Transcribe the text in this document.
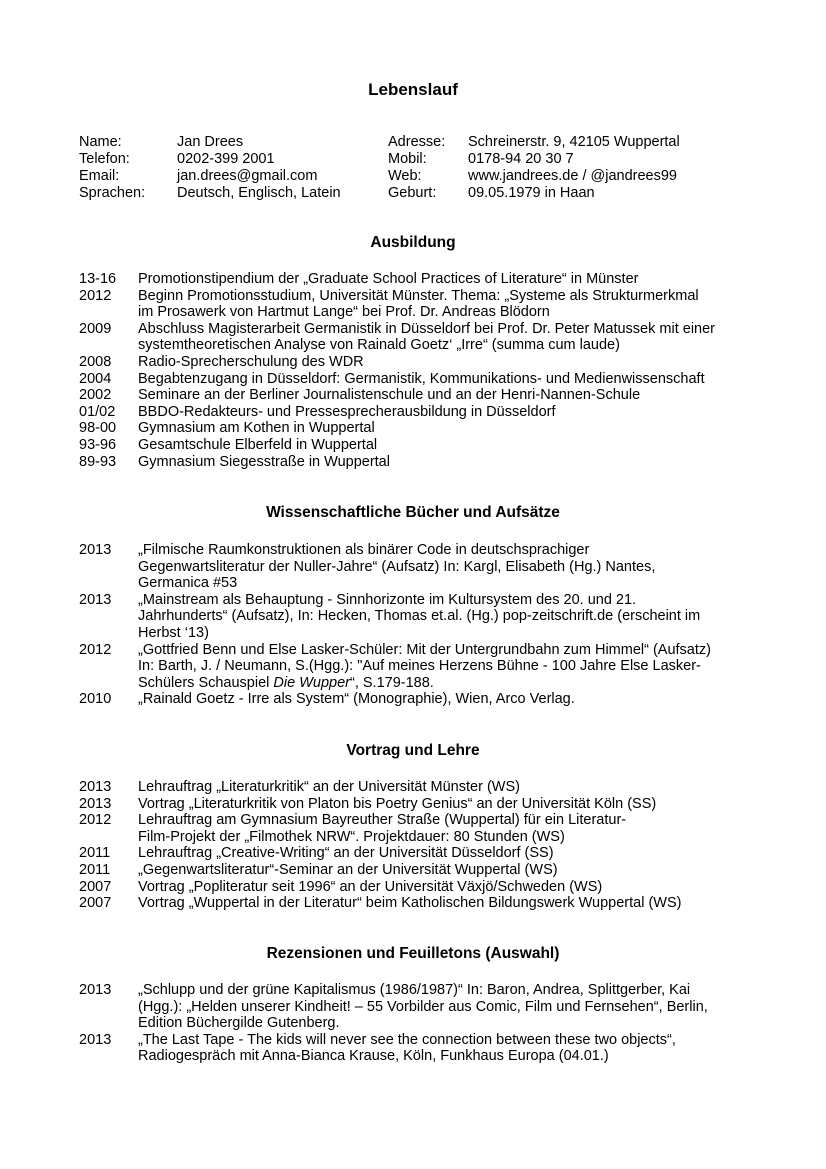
Lebenslauf
Name:	Jan Drees	Adresse: Schreinerstr. 9, 42105 Wuppertal
Telefon:	0202-399 2001	Mobil:	0178-94 20 30 7
Email:	jan.drees@gmail.com	Web:	www.jandrees.de / @jandrees99
Sprachen: Deutsch, Englisch, Latein	Geburt: 09.05.1979 in Haan
Ausbildung
13-16	Promotionstipendium der „Graduate School Practices of Literature“ in Münster
2012	Beginn Promotionsstudium, Universität Münster. Thema: „Systeme als Strukturmerkmal
im Prosawerk von Hartmut Lange“ bei Prof. Dr. Andreas Blödorn
2009	Abschluss Magisterarbeit Germanistik in Düsseldorf bei Prof. Dr. Peter Matussek mit einer
systemtheoretischen Analyse von Rainald Goetz‘ „Irre“ (summa cum laude)
2008	Radio-Sprecherschulung des WDR
2004	Begabtenzugang in Düsseldorf: Germanistik, Kommunikations- und Medienwissenschaft
2002	Seminare an der Berliner Journalistenschule und an der Henri-Nannen-Schule
01/02	BBDO-Redakteurs- und Pressesprecherausbildung in Düsseldorf
98-00	Gymnasium am Kothen in Wuppertal
93-96	Gesamtschule Elberfeld in Wuppertal
89-93	Gymnasium Siegesstraße in Wuppertal
Wissenschaftliche Bücher und Aufsätze
2013	„Filmische Raumkonstruktionen als binärer Code in deutschsprachiger
Gegenwartsliteratur der Nuller-Jahre“ (Aufsatz) In: Kargl, Elisabeth (Hg.) Nantes,
Germanica #53
2013	„Mainstream als Behauptung - Sinnhorizonte im Kultursystem des 20. und 21.
Jahrhunderts“ (Aufsatz), In: Hecken, Thomas et.al. (Hg.) pop-zeitschrift.de (erscheint im
Herbst ‘13)
2012	„Gottfried Benn und Else Lasker-Schüler: Mit der Untergrundbahn zum Himmel“ (Aufsatz)
In: Barth, J. / Neumann, S.(Hgg.): "Auf meines Herzens Bühne - 100 Jahre Else Lasker-
Schülers Schauspiel Die Wupper“, S.179-188.
2010	„Rainald Goetz - Irre als System“ (Monographie), Wien, Arco Verlag.
Vortrag und Lehre
2013	Lehrauftrag „Literaturkritik“ an der Universität Münster (WS)
2013	Vortrag „Literaturkritik von Platon bis Poetry Genius“ an der Universität Köln (SS)
2012	Lehrauftrag am Gymnasium Bayreuther Straße (Wuppertal) für ein Literatur-
Film-Projekt der „Filmothek NRW“. Projektdauer: 80 Stunden (WS)
2011	Lehrauftrag „Creative-Writing“ an der Universität Düsseldorf (SS)
2011	„Gegenwartsliteratur“-Seminar an der Universität Wuppertal (WS)
2007	Vortrag „Popliteratur seit 1996“ an der Universität Växjö/Schweden (WS)
2007	Vortrag „Wuppertal in der Literatur“ beim Katholischen Bildungswerk Wuppertal (WS)
Rezensionen und Feuilletons (Auswahl)
2013	„Schlupp und der grüne Kapitalismus (1986/1987)“ In: Baron, Andrea, Splittgerber, Kai
(Hgg.): „Helden unserer Kindheit! – 55 Vorbilder aus Comic, Film und Fernsehen“, Berlin,
Edition Büchergilde Gutenberg.
2013	„The Last Tape - The kids will never see the connection between these two objects“,
Radiogespräch mit Anna-Bianca Krause, Köln, Funkhaus Europa (04.01.)
